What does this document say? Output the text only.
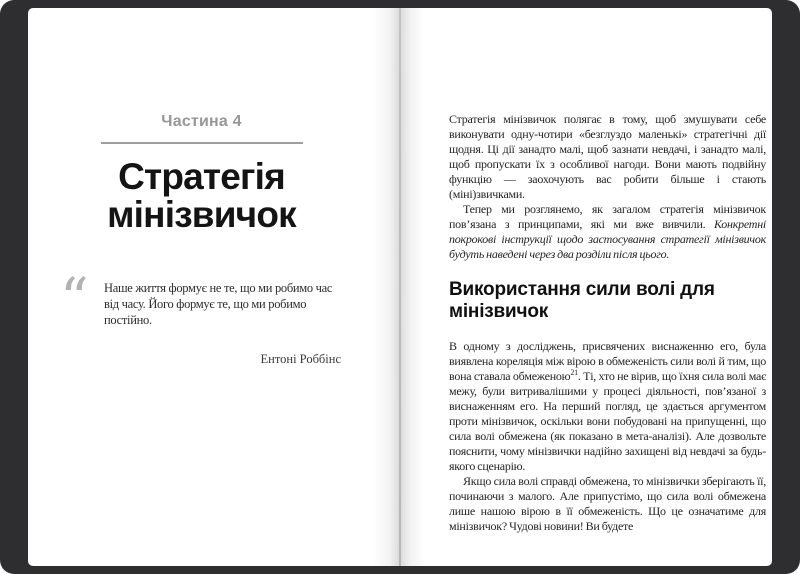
Частина 4
Стратегія
мінізвичок
“ Наше життя формує не те, що ми робимо час від часу. Його формує те, що ми робимо постійно.

Ентоні Роббінс

Стратегія мінізвичок полягає в тому, щоб змушувати себе виконувати одну-чотири «безглуздо маленькі» стратегічні дії щодня. Ці дії занадто малі, щоб зазнати невдачі, і занадто малі, щоб пропускати їх з особливої нагоди. Вони мають подвійну функцію — заохочують вас робити більше і стають (міні)звичками.

Тепер ми розглянемо, як загалом стратегія мінізвичок пов’язана з принципами, які ми вже вивчили. Конкретні покрокові інструкції щодо застосування стратегії мінізвичок будуть наведені через два розділи після цього.

Використання сили волі для мінізвичок

В одному з досліджень, присвячених виснаженню его, була виявлена кореляція між вірою в обмеженість сили волі й тим, що вона ставала обмеженою$^{21}$. Ті, хто не вірив, що їхня сила волі має межу, були витривалішими у процесі діяльності, пов’язаної з виснаженням его. На перший погляд, це здається аргументом проти мінізвичок, оскільки вони побудовані на припущенні, що сила волі обмежена (як показано в мета-аналізі). Але дозвольте пояснити, чому мінізвички надійно захищені від невдачі за будь-якого сценарію.

Якщо сила волі справді обмежена, то мінізвички зберігають її, починаючи з малого. Але припустімо, що сила волі обмежена лише нашою вірою в її обмеженість. Що це означатиме для мінізвичок? Чудові новини! Ви будете
